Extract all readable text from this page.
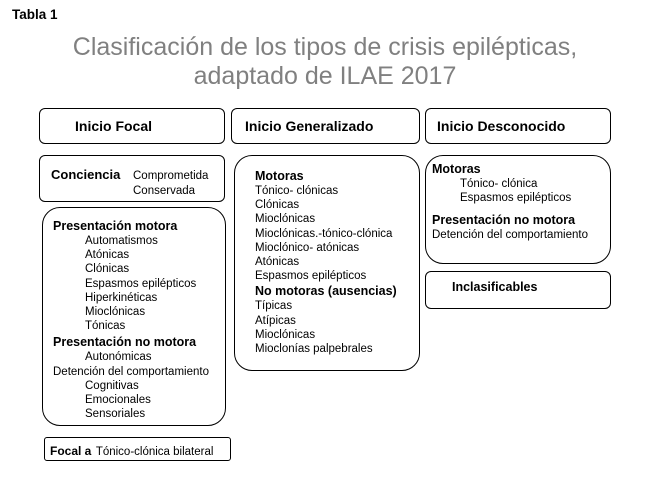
Tabla 1
Clasificación de los tipos de crisis epilépticas,
adaptado de ILAE 2017
Inicio Focal	Inicio Generalizado	Inicio Desconocido
Conciencia Comprometida
Conservada
Presentación motora
Automatismos
Atónicas
Clónicas
Espasmos epilépticos
Hiperkinéticas
Mioclónicas
Tónicas
Presentación no motora
Autonómicas
Detención del comportamiento
Cognitivas
Emocionales
Sensoriales
Focal a Tónico-clónica bilateral
Motoras
Tónico- clónicas
Clónicas
Mioclónicas
Mioclónicas.-tónico-clónica
Mioclónico- atónicas
Atónicas
Espasmos epilépticos
No motoras (ausencias)
Típicas
Atípicas
Mioclónicas
Mioclonías palpebrales
Motoras
Tónico- clónica
Espasmos epilépticos
Presentación no motora
Detención del comportamiento
Inclasificables
